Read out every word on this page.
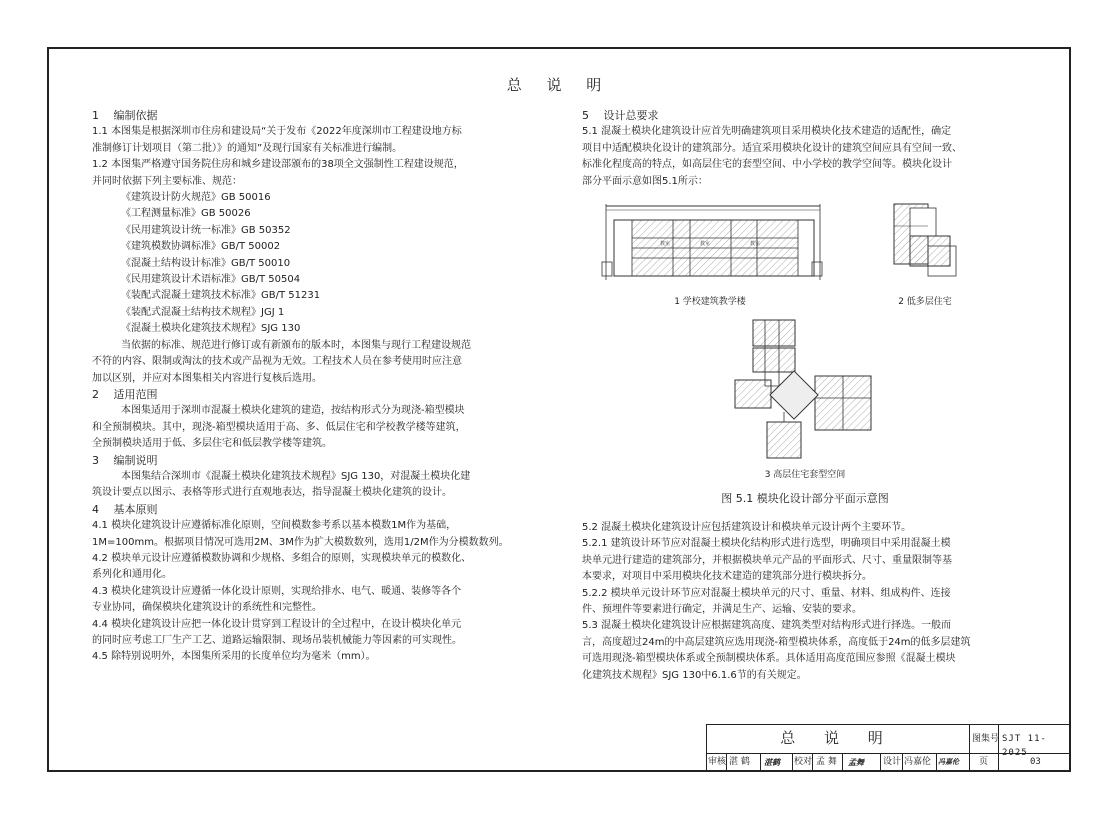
总 说 明

1　 编制依据

1.1 本图集是根据深圳市住房和建设局“关于发布《2022年度深圳市工程建设地方标

准制修订计划项目（第二批）》的通知”及现行国家有关标准进行编制。

1.2 本图集严格遵守国务院住房和城乡建设部颁布的38项全文强制性工程建设规范，

并同时依据下列主要标准、规范：

《建筑设计防火规范》GB 50016

《工程测量标准》GB 50026

《民用建筑设计统一标准》GB 50352

《建筑模数协调标准》GB/T 50002

《混凝土结构设计标准》GB/T 50010

《民用建筑设计术语标准》GB/T 50504

《装配式混凝土建筑技术标准》GB/T 51231

《装配式混凝土结构技术规程》JGJ 1

《混凝土模块化建筑技术规程》SJG 130

当依据的标准、规范进行修订或有新颁布的版本时，本图集与现行工程建设规范

不符的内容、限制或淘汰的技术或产品视为无效。工程技术人员在参考使用时应注意

加以区别，并应对本图集相关内容进行复核后选用。

2　 适用范围

本图集适用于深圳市混凝土模块化建筑的建造，按结构形式分为现浇-箱型模块

和全预制模块。其中，现浇-箱型模块适用于高、多、低层住宅和学校教学楼等建筑，

全预制模块适用于低、多层住宅和低层教学楼等建筑。

3　 编制说明

本图集结合深圳市《混凝土模块化建筑技术规程》SJG 130，对混凝土模块化建

筑设计要点以图示、表格等形式进行直观地表达，指导混凝土模块化建筑的设计。

4　 基本原则

4.1 模块化建筑设计应遵循标准化原则，空间模数参考系以基本模数1M作为基础，

1M=100mm。根据项目情况可选用2M、3M作为扩大模数数列，选用1/2M作为分模数数列。

4.2 模块单元设计应遵循模数协调和少规格、多组合的原则，实现模块单元的模数化、

系列化和通用化。

4.3 模块化建筑设计应遵循一体化设计原则，实现给排水、电气、暖通、装修等各个

专业协同，确保模块化建筑设计的系统性和完整性。

4.4 模块化建筑设计应把一体化设计贯穿到工程设计的全过程中，在设计模块化单元

的同时应考虑工厂生产工艺、道路运输限制、现场吊装机械能力等因素的可实现性。

4.5 除特别说明外，本图集所采用的长度单位均为毫米（mm）。

5　 设计总要求

5.1 混凝土模块化建筑设计应首先明确建筑项目采用模块化技术建造的适配性，确定

项目中适配模块化设计的建筑部分。适宜采用模块化设计的建筑空间应具有空间一致、

标准化程度高的特点，如高层住宅的套型空间、中小学校的教学空间等。模块化设计

部分平面示意如图5.1所示：

教室	教室	教室
1 学校建筑教学楼	2 低多层住宅
3 高层住宅套型空间
图 5.1 模块化设计部分平面示意图

5.2 混凝土模块化建筑设计应包括建筑设计和模块单元设计两个主要环节。

5.2.1 建筑设计环节应对混凝土模块化结构形式进行选型，明确项目中采用混凝土模

块单元进行建造的建筑部分，并根据模块单元产品的平面形式、尺寸、重量限制等基

本要求，对项目中采用模块化技术建造的建筑部分进行模块拆分。

5.2.2 模块单元设计环节应对混凝土模块单元的尺寸、重量、材料、组成构件、连接

件、预埋件等要素进行确定，并满足生产、运输、安装的要求。

5.3 混凝土模块化建筑设计应根据建筑高度、建筑类型对结构形式进行择选。一般而

言，高度超过24m的中高层建筑应选用现浇-箱型模块体系，高度低于24m的低多层建筑

可选用现浇-箱型模块体系或全预制模块体系。具体适用高度范围应参照《混凝土模块

化建筑技术规程》SJG 130中6.1.6节的有关规定。

总 说 明	图集号 SJT 11-2025
审核 湛 鹤 湛鹤 校对 孟 舞 孟舞 设计 冯嘉伦 冯嘉伦 页	03
